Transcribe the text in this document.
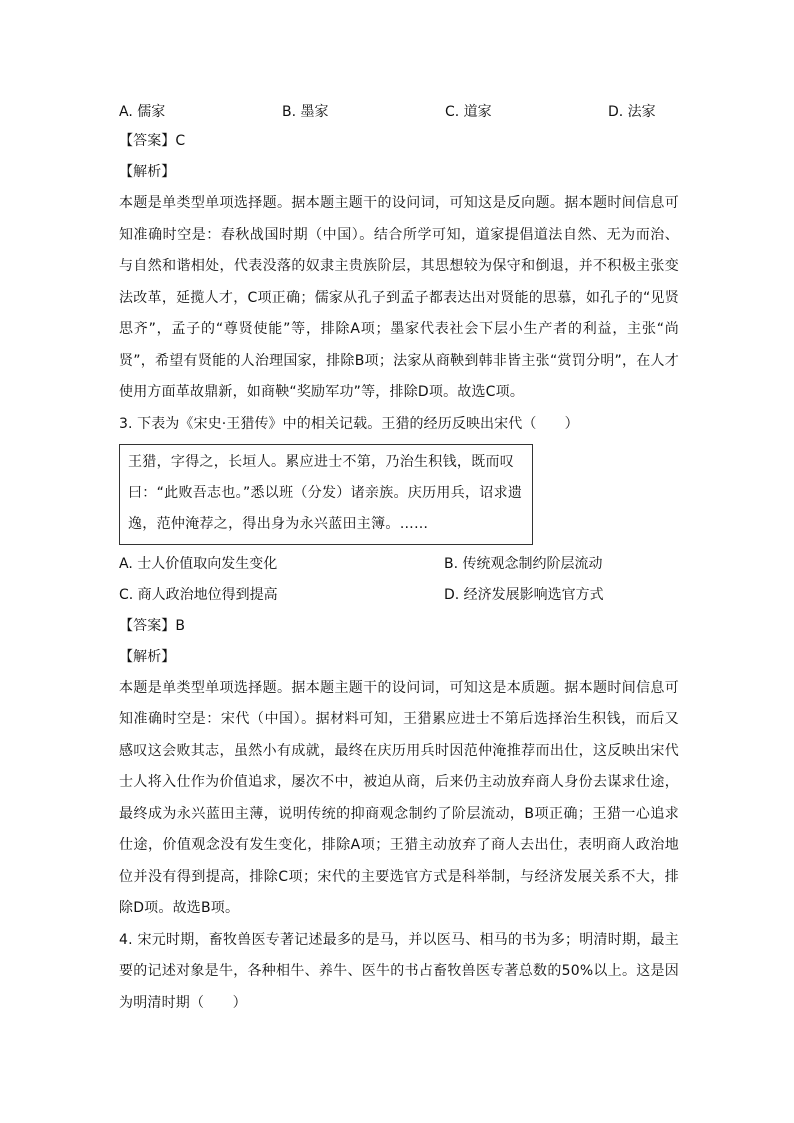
A. 儒家	B. 墨家	C. 道家	D. 法家
【答案】C
【解析】
本题是单类型单项选择题。据本题主题干的设问词，可知这是反向题。据本题时间信息可知准确时空是：春秋战国时期（中国）。结合所学可知，道家提倡道法自然、无为而治、与自然和谐相处，代表没落的奴隶主贵族阶层，其思想较为保守和倒退，并不积极主张变法改革，延揽人才，C项正确；儒家从孔子到孟子都表达出对贤能的思慕，如孔子的“见贤思齐”，孟子的“尊贤使能”等，排除A项；墨家代表社会下层小生产者的利益，主张“尚贤”，希望有贤能的人治理国家，排除B项；法家从商鞅到韩非皆主张“赏罚分明”，在人才使用方面革故鼎新，如商鞅“奖励军功”等，排除D项。故选C项。
3. 下表为《宋史·王猎传》中的相关记载。王猎的经历反映出宋代（　　）
王猎，字得之，长垣人。累应进士不第，乃治生积钱，既而叹曰：“此败吾志也。”悉以班（分发）诸亲族。庆历用兵，诏求遗逸，范仲淹荐之，得出身为永兴蓝田主簿。……
A. 士人价值取向发生变化	B. 传统观念制约阶层流动
C. 商人政治地位得到提高	D. 经济发展影响选官方式
【答案】B
【解析】
本题是单类型单项选择题。据本题主题干的设问词，可知这是本质题。据本题时间信息可知准确时空是：宋代（中国）。据材料可知，王猎累应进士不第后选择治生积钱，而后又感叹这会败其志，虽然小有成就，最终在庆历用兵时因范仲淹推荐而出仕，这反映出宋代士人将入仕作为价值追求，屡次不中，被迫从商，后来仍主动放弃商人身份去谋求仕途，最终成为永兴蓝田主薄，说明传统的抑商观念制约了阶层流动，B项正确；王猎一心追求仕途，价值观念没有发生变化，排除A项；王猎主动放弃了商人去出仕，表明商人政治地位并没有得到提高，排除C项；宋代的主要选官方式是科举制，与经济发展关系不大，排除D项。故选B项。
4. 宋元时期，畜牧兽医专著记述最多的是马，并以医马、相马的书为多；明清时期，最主要的记述对象是牛，各种相牛、养牛、医牛的书占畜牧兽医专著总数的50%以上。这是因为明清时期（　　）
